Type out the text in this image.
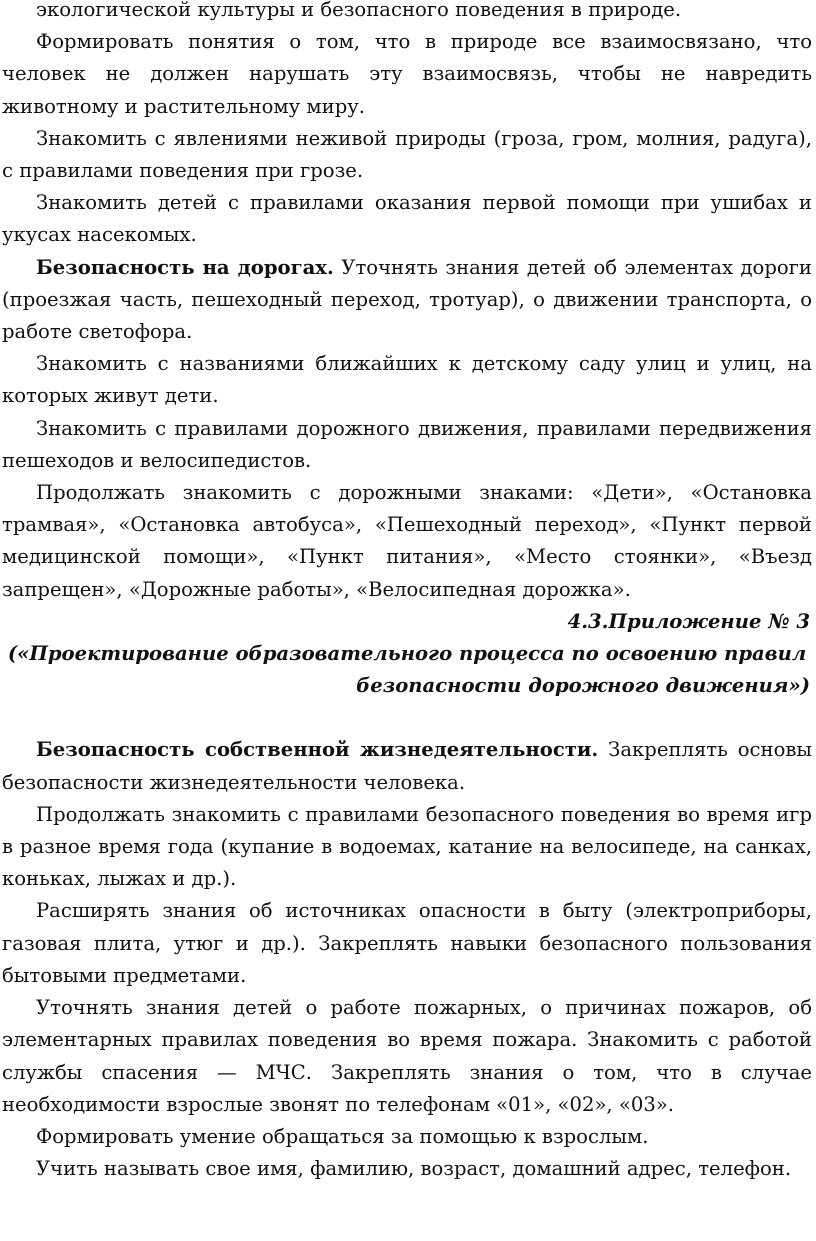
экологической культуры и безопасного поведения в природе.

Формировать понятия о том, что в природе все взаимосвязано, что человек не должен нарушать эту взаимосвязь, чтобы не навредить животному и растительному миру.

Знакомить с явлениями неживой природы (гроза, гром, молния, радуга), с правилами поведения при грозе.

Знакомить детей с правилами оказания первой помощи при ушибах и укусах насекомых.

Безопасность на дорогах. Уточнять знания детей об элементах дороги (проезжая часть, пешеходный переход, тротуар), о движении транспорта, о работе светофора.

Знакомить с названиями ближайших к детскому саду улиц и улиц, на которых живут дети.

Знакомить с правилами дорожного движения, правилами передвижения пешеходов и велосипедистов.

Продолжать знакомить с дорожными знаками: «Дети», «Остановка трамвая», «Остановка автобуса», «Пешеходный переход», «Пункт первой медицинской помощи», «Пункт питания», «Место стоянки», «Въезд запрещен», «Дорожные работы», «Велосипедная дорожка».

4.3.Приложение № 3

(«Проектирование образовательного процесса по освоению правил

безопасности дорожного движения»)

Безопасность собственной жизнедеятельности. Закреплять основы безопасности жизнедеятельности человека.

Продолжать знакомить с правилами безопасного поведения во время игр в разное время года (купание в водоемах, катание на велосипеде, на санках, коньках, лыжах и др.).

Расширять знания об источниках опасности в быту (электроприборы, газовая плита, утюг и др.). Закреплять навыки безопасного пользования бытовыми предметами.

Уточнять знания детей о работе пожарных, о причинах пожаров, об элементарных правилах поведения во время пожара. Знакомить с работой службы спасения — МЧС. Закреплять знания о том, что в случае необходимости взрослые звонят по телефонам «01», «02», «03».

Формировать умение обращаться за помощью к взрослым.

Учить называть свое имя, фамилию, возраст, домашний адрес, телефон.
